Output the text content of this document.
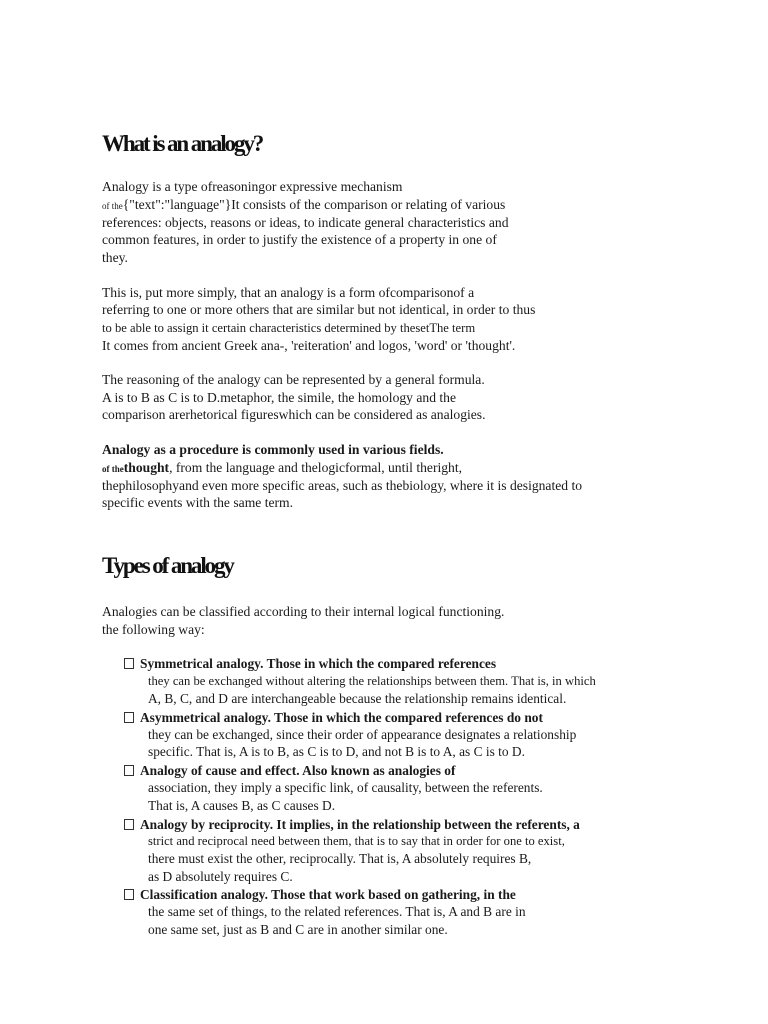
What is an analogy?
Analogy is a type ofreasoningor expressive mechanism
of the{"text":"language"}It consists of the comparison or relating of various
references: objects, reasons or ideas, to indicate general characteristics and
common features, in order to justify the existence of a property in one of
they.
This is, put more simply, that an analogy is a form ofcomparisonof a
referring to one or more others that are similar but not identical, in order to thus
to be able to assign it certain characteristics determined by thesetThe term
It comes from ancient Greek ana-, 'reiteration' and logos, 'word' or 'thought'.
The reasoning of the analogy can be represented by a general formula.
A is to B as C is to D.metaphor, the simile, the homology and the
comparison arerhetorical figureswhich can be considered as analogies.
Analogy as a procedure is commonly used in various fields.
of thethought, from the language and thelogicformal, until theright,
thephilosophyand even more specific areas, such as thebiology, where it is designated to
specific events with the same term.
Types of analogy
Analogies can be classified according to their internal logical functioning.
the following way:
Symmetrical analogy. Those in which the compared references
they can be exchanged without altering the relationships between them. That is, in which
A, B, C, and D are interchangeable because the relationship remains identical.
Asymmetrical analogy. Those in which the compared references do not
they can be exchanged, since their order of appearance designates a relationship
specific. That is, A is to B, as C is to D, and not B is to A, as C is to D.
Analogy of cause and effect. Also known as analogies of
association, they imply a specific link, of causality, between the referents.
That is, A causes B, as C causes D.
Analogy by reciprocity. It implies, in the relationship between the referents, a
strict and reciprocal need between them, that is to say that in order for one to exist,
there must exist the other, reciprocally. That is, A absolutely requires B,
as D absolutely requires C.
Classification analogy. Those that work based on gathering, in the
the same set of things, to the related references. That is, A and B are in
one same set, just as B and C are in another similar one.
